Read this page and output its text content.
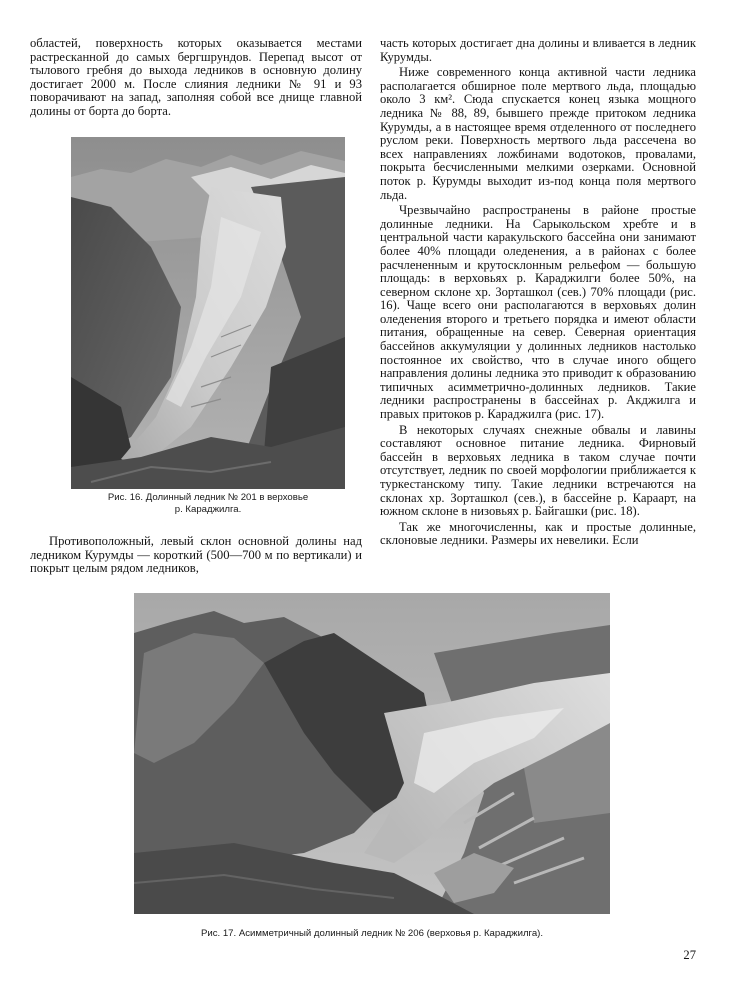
областей, поверхность которых оказывается местами растресканной до самых бергшрундов. Перепад высот от тылового гребня до выхода ледников в основную долину достигает 2000 м. После слияния ледники № 91 и 93 поворачивают на запад, заполняя собой все днище главной долины от борта до борта.

Рис. 16. Долинный ледник № 201 в верховье
р. Караджилга.

Противоположный, левый склон основной долины над ледником Курумды — короткий (500—700 м по вертикали) и покрыт целым рядом ледников,

часть которых достигает дна долины и вливается в ледник Курумды.

Ниже современного конца активной части ледника располагается обширное поле мертвого льда, площадью около 3 км². Сюда спускается конец языка мощного ледника № 88, 89, бывшего прежде притоком ледника Курумды, а в настоящее время отделенного от последнего руслом реки. Поверхность мертвого льда рассечена во всех направлениях ложбинами водотоков, провалами, покрыта бесчисленными мелкими озерками. Основной поток р. Курумды выходит из-под конца поля мертвого льда.

Чрезвычайно распространены в районе простые долинные ледники. На Сарыкольском хребте и в центральной части каракульского бассейна они занимают более 40% площади оледенения, а в районах с более расчлененным и крутосклонным рельефом — большую площадь: в верховьях р. Караджилги более 50%, на северном склоне хр. Зорташкол (сев.) 70% площади (рис. 16). Чаще всего они располагаются в верховьях долин оледенения второго и третьего порядка и имеют области питания, обращенные на север. Северная ориентация бассейнов аккумуляции у долинных ледников настолько постоянное их свойство, что в случае иного общего направления долины ледника это приводит к образованию типичных асимметрично-долинных ледников. Такие ледники распространены в бассейнах р. Акджилга и правых притоков р. Караджилга (рис. 17).

В некоторых случаях снежные обвалы и лавины составляют основное питание ледника. Фирновый бассейн в верховьях ледника в таком случае почти отсутствует, ледник по своей морфологии приближается к туркестанскому типу. Такие ледники встречаются на склонах хр. Зорташкол (сев.), в бассейне р. Караарт, на южном склоне в низовьях р. Байгашки (рис. 18).

Так же многочисленны, как и простые долинные, склоновые ледники. Размеры их невелики. Если

Рис. 17. Асимметричный долинный ледник № 206 (верховья р. Караджилга).
27
